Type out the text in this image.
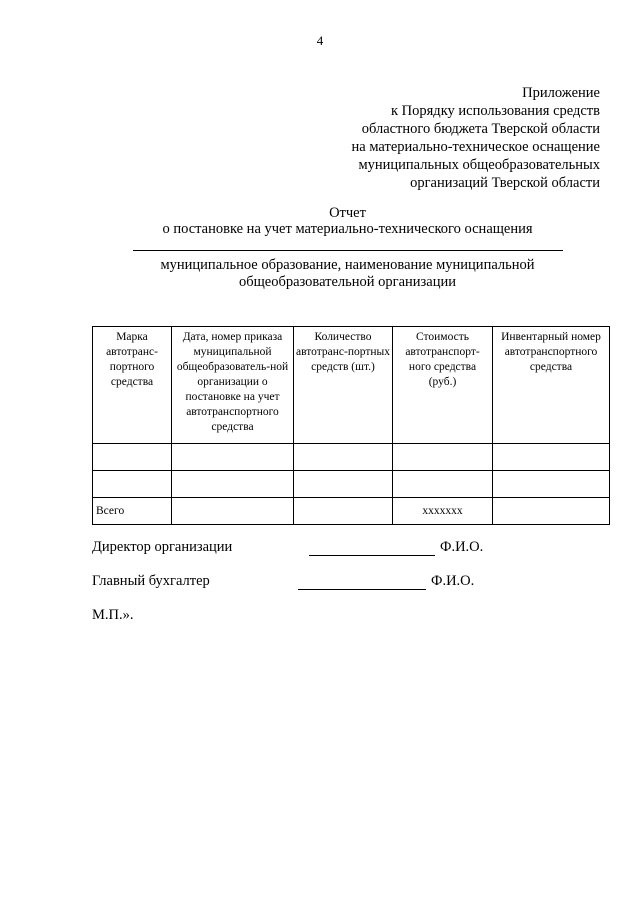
4
Приложение
к Порядку использования средств
областного бюджета Тверской области
на материально-техническое оснащение
муниципальных общеобразовательных
организаций Тверской области
Отчет
о постановке на учет материально-технического оснащения
муниципальное образование, наименование муниципальной
общеобразовательной организации
Марка автотранс-портного средства	Дата, номер приказа муниципальной общеобразователь-ной организации о постановке на учет автотранспортного средства	Количество автотранс-портных средств (шт.)	Стоимость автотранспорт-ного средства (руб.)	Инвентарный номер автотранспортного средства

Всего			ххххххх	
Директор организации	Ф.И.О.
Главный бухгалтер	Ф.И.О.
М.П.».
